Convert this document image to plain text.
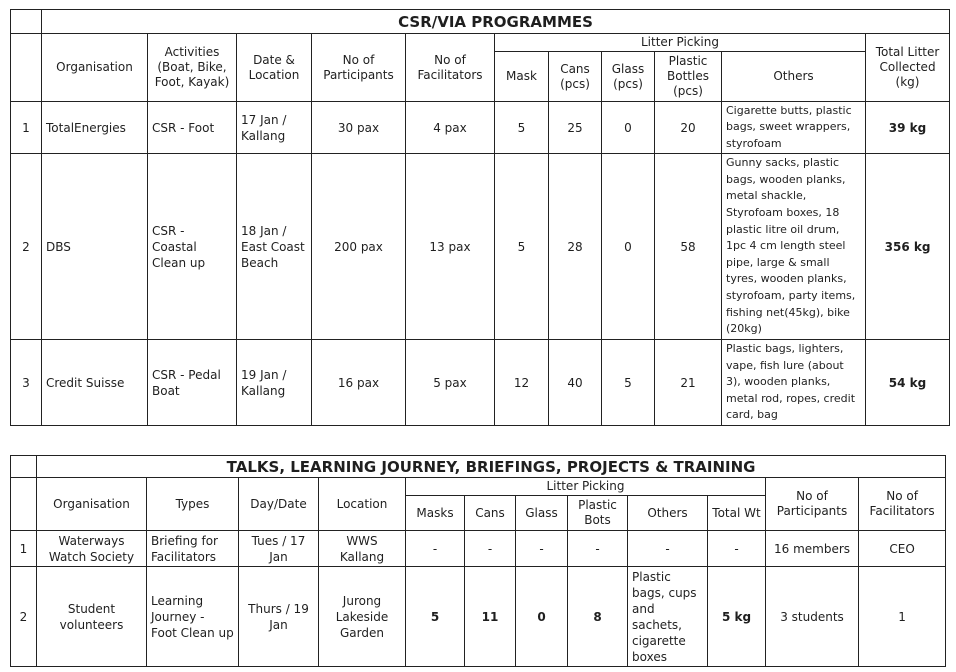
	CSR/VIA PROGRAMMES										
	Organisation	Activities (Boat, Bike, Foot, Kayak)	Date & Location	No of Participants	No of Facilitators	Litter Picking					Total Litter Collected (kg)
						Mask	Cans (pcs)	Glass (pcs)	Plastic Bottles (pcs)	Others	
1	TotalEnergies	CSR - Foot	17 Jan / Kallang	30 pax	4 pax	5	25	0	20	Cigarette butts, plastic bags, sweet wrappers, styrofoam	39 kg
2	DBS	CSR - Coastal Clean up	18 Jan / East Coast Beach	200 pax	13 pax	5	28	0	58	Gunny sacks, plastic bags, wooden planks, metal shackle, Styrofoam boxes, 18 plastic litre oil drum, 1pc 4 cm length steel pipe, large & small tyres, wooden planks, styrofoam, party items, fishing net(45kg), bike (20kg)	356 kg
3	Credit Suisse	CSR - Pedal Boat	19 Jan / Kallang	16 pax	5 pax	12	40	5	21	Plastic bags, lighters, vape, fish lure (about 3), wooden planks, metal rod, ropes, credit card, bag	54 kg
	TALKS, LEARNING JOURNEY, BRIEFINGS, PROJECTS & TRAINING											
	Organisation	Types	Day/Date	Location	Litter Picking						No of Participants	No of Facilitators
					Masks	Cans	Glass	Plastic Bots	Others	Total Wt		
1	Waterways Watch Society	Briefing for Facilitators	Tues / 17 Jan	WWS Kallang	-	-	-	-	-	-	16 members	CEO
2	Student volunteers	Learning Journey - Foot Clean up	Thurs / 19 Jan	Jurong Lakeside Garden	5	11	0	8	Plastic bags, cups and sachets, cigarette boxes	5 kg	3 students	1
